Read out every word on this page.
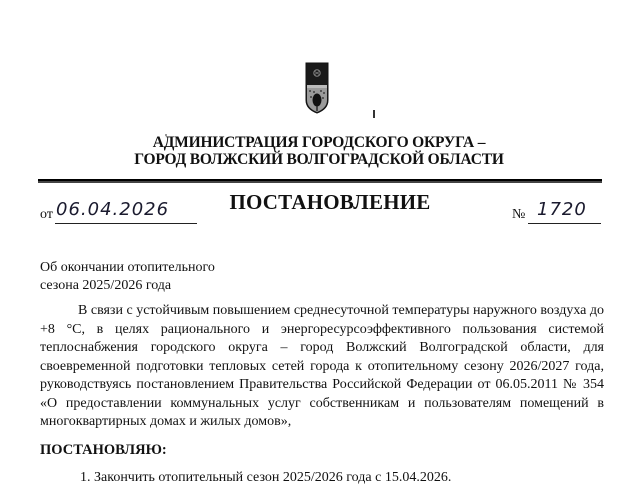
АДМИНИСТРАЦИЯ ГОРОДСКОГО ОКРУГА –
ГОРОД ВОЛЖСКИЙ ВОЛГОГРАДСКОЙ ОБЛАСТИ
ПОСТАНОВЛЕНИЕ
от 06.04.2026	№ 1720
Об окончании отопительного
сезона 2025/2026 года
В связи с устойчивым повышением среднесуточной температуры наружного воздуха до +8 °С, в целях рационального и энергоресурсоэффективного пользования системой теплоснабжения городского округа – город Волжский Волгоградской области, для своевременной подготовки тепловых сетей города к отопительному сезону 2026/2027 года, руководствуясь постановлением Правительства Российской Федерации от 06.05.2011 № 354 «О предоставлении коммунальных услуг собственникам и пользователям помещений в многоквартирных домах и жилых домов»,
ПОСТАНОВЛЯЮ:
1. Закончить отопительный сезон 2025/2026 года с 15.04.2026.
